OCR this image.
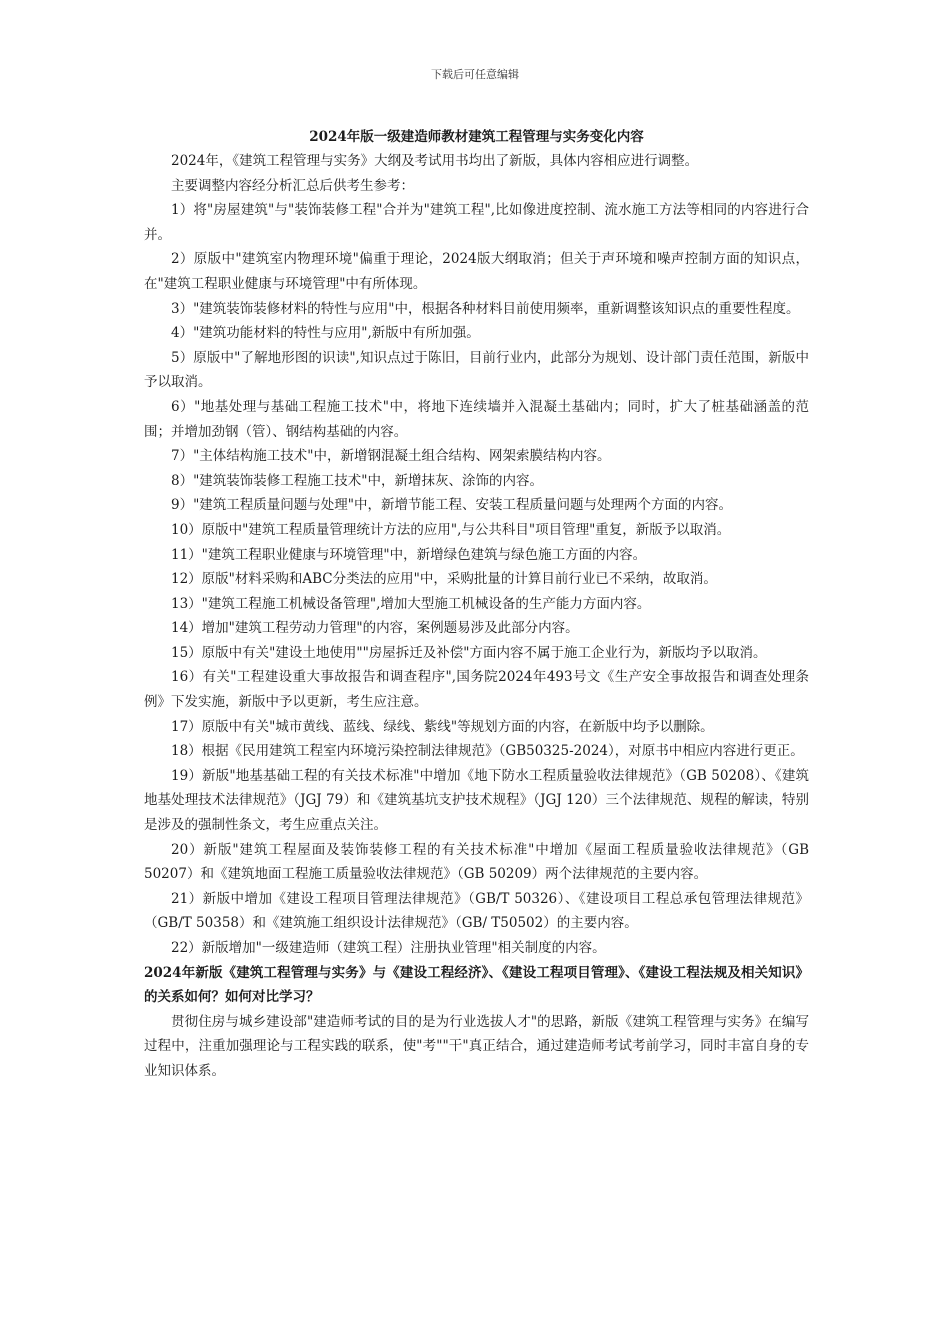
下载后可任意编辑
2024年版一级建造师教材建筑工程管理与实务变化内容

2024年，《建筑工程管理与实务》大纲及考试用书均出了新版，具体内容相应进行调整。

主要调整内容经分析汇总后供考生参考：

1）将"房屋建筑"与"装饰装修工程"合并为"建筑工程",比如像进度控制、流水施工方法等相同的内容进行合并。

2）原版中"建筑室内物理环境"偏重于理论，2024版大纲取消；但关于声环境和噪声控制方面的知识点，在"建筑工程职业健康与环境管理"中有所体现。

3）"建筑装饰装修材料的特性与应用"中，根据各种材料目前使用频率，重新调整该知识点的重要性程度。

4）"建筑功能材料的特性与应用",新版中有所加强。

5）原版中"了解地形图的识读",知识点过于陈旧，目前行业内，此部分为规划、设计部门责任范围，新版中予以取消。

6）"地基处理与基础工程施工技术"中，将地下连续墙并入混凝土基础内；同时，扩大了桩基础涵盖的范围；并增加劲钢（管）、钢结构基础的内容。

7）"主体结构施工技术"中，新增钢混凝土组合结构、网架索膜结构内容。

8）"建筑装饰装修工程施工技术"中，新增抹灰、涂饰的内容。

9）"建筑工程质量问题与处理"中，新增节能工程、安装工程质量问题与处理两个方面的内容。

10）原版中"建筑工程质量管理统计方法的应用",与公共科目"项目管理"重复，新版予以取消。

11）"建筑工程职业健康与环境管理"中，新增绿色建筑与绿色施工方面的内容。

12）原版"材料采购和ABC分类法的应用"中，采购批量的计算目前行业已不采纳，故取消。

13）"建筑工程施工机械设备管理",增加大型施工机械设备的生产能力方面内容。

14）增加"建筑工程劳动力管理"的内容，案例题易涉及此部分内容。

15）原版中有关"建设土地使用""房屋拆迁及补偿"方面内容不属于施工企业行为，新版均予以取消。

16）有关"工程建设重大事故报告和调查程序",国务院2024年493号文《生产安全事故报告和调查处理条例》下发实施，新版中予以更新，考生应注意。

17）原版中有关"城市黄线、蓝线、绿线、紫线"等规划方面的内容，在新版中均予以删除。

18）根据《民用建筑工程室内环境污染控制法律规范》（GB50325-2024），对原书中相应内容进行更正。

19）新版"地基基础工程的有关技术标准"中增加《地下防水工程质量验收法律规范》（GB 50208）、《建筑地基处理技术法律规范》（JGJ 79）和《建筑基坑支护技术规程》（JGJ 120）三个法律规范、规程的解读，特别是涉及的强制性条文，考生应重点关注。

20）新版"建筑工程屋面及装饰装修工程的有关技术标准"中增加《屋面工程质量验收法律规范》（GB 50207）和《建筑地面工程施工质量验收法律规范》（GB 50209）两个法律规范的主要内容。

21）新版中增加《建设工程项目管理法律规范》（GB/T 50326）、《建设项目工程总承包管理法律规范》（GB/T 50358）和《建筑施工组织设计法律规范》（GB/ T50502）的主要内容。

22）新版增加"一级建造师（建筑工程）注册执业管理"相关制度的内容。

2024年新版《建筑工程管理与实务》与《建设工程经济》、《建设工程项目管理》、《建设工程法规及相关知识》的关系如何？如何对比学习？

贯彻住房与城乡建设部"建造师考试的目的是为行业选拔人才"的思路，新版《建筑工程管理与实务》在编写过程中，注重加强理论与工程实践的联系，使"考""干"真正结合，通过建造师考试考前学习，同时丰富自身的专业知识体系。
